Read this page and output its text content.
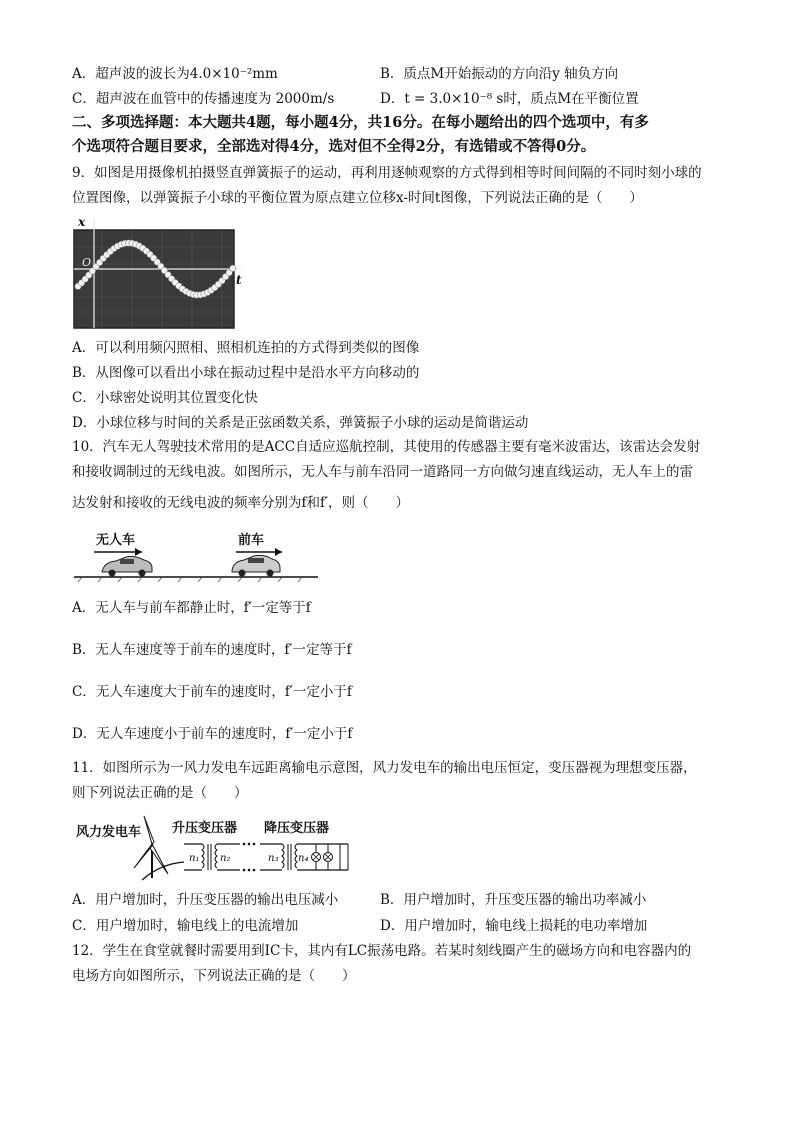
A．超声波的波长为4.0×10⁻²mm	B．质点M开始振动的方向沿y 轴负方向
C．超声波在血管中的传播速度为 2000m/s	D．t = 3.0×10⁻⁸ s时，质点M在平衡位置
二、多项选择题：本大题共4题，每小题4分，共16分。在每小题给出的四个选项中，有多
个选项符合题目要求，全部选对得4分，选对但不全得2分，有选错或不答得0分。
9．如图是用摄像机拍摄竖直弹簧振子的运动，再利用逐帧观察的方式得到相等时间间隔的不同时刻小球的
位置图像，以弹簧振子小球的平衡位置为原点建立位移x-时间t图像，下列说法正确的是（　　）
x
t
O
A．可以利用频闪照相、照相机连拍的方式得到类似的图像
B．从图像可以看出小球在振动过程中是沿水平方向移动的
C．小球密处说明其位置变化快
D．小球位移与时间的关系是正弦函数关系，弹簧振子小球的运动是简谐运动
10．汽车无人驾驶技术常用的是ACC自适应巡航控制，其使用的传感器主要有毫米波雷达，该雷达会发射
和接收调制过的无线电波。如图所示，无人车与前车沿同一道路同一方向做匀速直线运动，无人车上的雷
达发射和接收的无线电波的频率分别为f和f′，则（　　）
无人车	前车
A．无人车与前车都静止时，f′一定等于f
B．无人车速度等于前车的速度时，f′一定等于f
C．无人车速度大于前车的速度时，f′一定小于f
D．无人车速度小于前车的速度时，f′一定小于f
11．如图所示为一风力发电车远距离输电示意图，风力发电车的输出电压恒定，变压器视为理想变压器，
则下列说法正确的是（　　）
风力发电车 升压变压器 降压变压器
n₁ n₂	n₃ n₄
A．用户增加时，升压变压器的输出电压减小	B．用户增加时，升压变压器的输出功率减小
C．用户增加时，输电线上的电流增加	D．用户增加时，输电线上损耗的电功率增加
12．学生在食堂就餐时需要用到IC卡，其内有LC振荡电路。若某时刻线圈产生的磁场方向和电容器内的
电场方向如图所示，下列说法正确的是（　　）
